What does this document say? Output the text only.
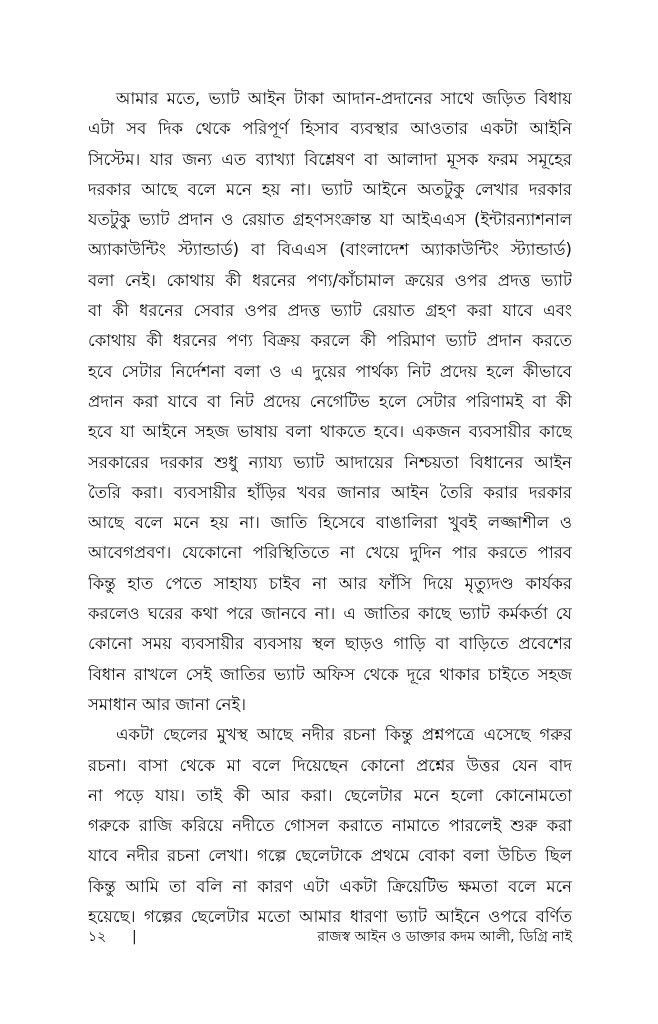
আমার মতে, ভ্যাট আইন টাকা আদান-প্রদানের সাথে জড়িত বিধায়
এটা সব দিক থেকে পরিপূর্ণ হিসাব ব্যবস্থার আওতার একটা আইনি
সিস্টেম। যার জন্য এত ব্যাখ্যা বিশ্লেষণ বা আলাদা মূসক ফরম সমূহের
দরকার আছে বলে মনে হয় না। ভ্যাট আইনে অতটুকু লেখার দরকার
যতটুকু ভ্যাট প্রদান ও রেয়াত গ্রহণসংক্রান্ত যা আইএএস (ইন্টারন্যাশনাল
অ্যাকাউন্টিং স্ট্যান্ডার্ড) বা বিএএস (বাংলাদেশ অ্যাকাউন্টিং স্ট্যান্ডার্ড)
বলা নেই। কোথায় কী ধরনের পণ্য/কাঁচামাল ক্রয়ের ওপর প্রদত্ত ভ্যাট
বা কী ধরনের সেবার ওপর প্রদত্ত ভ্যাট রেয়াত গ্রহণ করা যাবে এবং
কোথায় কী ধরনের পণ্য বিক্রয় করলে কী পরিমাণ ভ্যাট প্রদান করতে
হবে সেটার নির্দেশনা বলা ও এ দুয়ের পার্থক্য নিট প্রদেয় হলে কীভাবে
প্রদান করা যাবে বা নিট প্রদেয় নেগেটিভ হলে সেটার পরিণামই বা কী
হবে যা আইনে সহজ ভাষায় বলা থাকতে হবে। একজন ব্যবসায়ীর কাছে
সরকারের দরকার শুধু ন্যায্য ভ্যাট আদায়ের নিশ্চয়তা বিধানের আইন
তৈরি করা। ব্যবসায়ীর হাঁড়ির খবর জানার আইন তৈরি করার দরকার
আছে বলে মনে হয় না। জাতি হিসেবে বাঙালিরা খুবই লজ্জাশীল ও
আবেগপ্রবণ। যেকোনো পরিস্থিতিতে না খেয়ে দুদিন পার করতে পারব
কিন্তু হাত পেতে সাহায্য চাইব না আর ফাঁসি দিয়ে মৃত্যুদণ্ড কার্যকর
করলেও ঘরের কথা পরে জানবে না। এ জাতির কাছে ভ্যাট কর্মকর্তা যে
কোনো সময় ব্যবসায়ীর ব্যবসায় স্থল ছাড়ও গাড়ি বা বাড়িতে প্রবেশের
বিধান রাখলে সেই জাতির ভ্যাট অফিস থেকে দূরে থাকার চাইতে সহজ
সমাধান আর জানা নেই।
একটা ছেলের মুখস্থ আছে নদীর রচনা কিন্তু প্রশ্নপত্রে এসেছে গরুর
রচনা। বাসা থেকে মা বলে দিয়েছেন কোনো প্রশ্নের উত্তর যেন বাদ
না পড়ে যায়। তাই কী আর করা। ছেলেটার মনে হলো কোনোমতো
গরুকে রাজি করিয়ে নদীতে গোসল করাতে নামাতে পারলেই শুরু করা
যাবে নদীর রচনা লেখা। গল্পে ছেলেটাকে প্রথমে বোকা বলা উচিত ছিল
কিন্তু আমি তা বলি না কারণ এটা একটা ক্রিয়েটিভ ক্ষমতা বলে মনে
হয়েছে। গল্পের ছেলেটার মতো আমার ধারণা ভ্যাট আইনে ওপরে বর্ণিত
১২ |	রাজস্ব আইন ও ডাক্তার কদম আলী, ডিগ্রি নাই
